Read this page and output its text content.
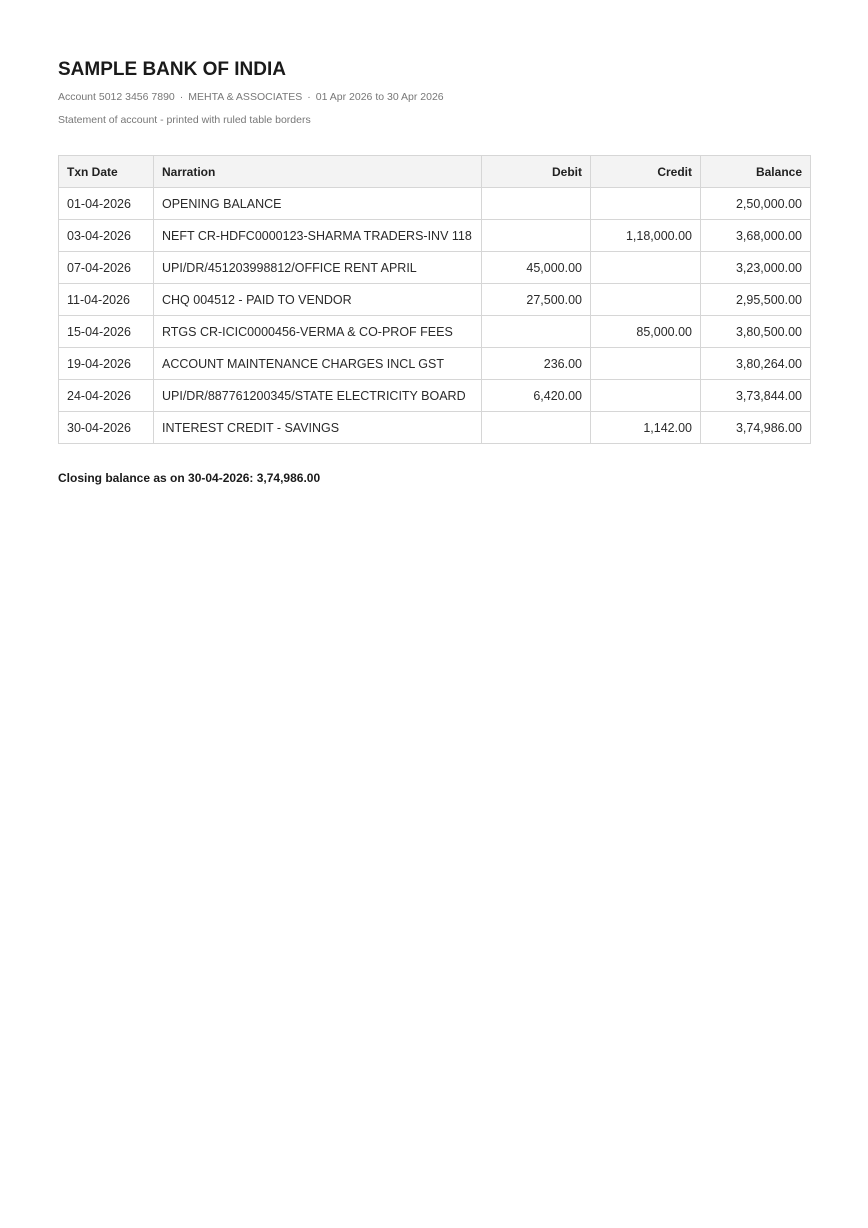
SAMPLE BANK OF INDIA
Account 5012 3456 7890 · MEHTA & ASSOCIATES · 01 Apr 2026 to 30 Apr 2026
Statement of account - printed with ruled table borders
Txn Date	Narration	Debit	Credit	Balance
01-04-2026	OPENING BALANCE			2,50,000.00
03-04-2026	NEFT CR-HDFC0000123-SHARMA TRADERS-INV 118		1,18,000.00	3,68,000.00
07-04-2026	UPI/DR/451203998812/OFFICE RENT APRIL	45,000.00		3,23,000.00
11-04-2026	CHQ 004512 - PAID TO VENDOR	27,500.00		2,95,500.00
15-04-2026	RTGS CR-ICIC0000456-VERMA & CO-PROF FEES		85,000.00	3,80,500.00
19-04-2026	ACCOUNT MAINTENANCE CHARGES INCL GST	236.00		3,80,264.00
24-04-2026	UPI/DR/887761200345/STATE ELECTRICITY BOARD	6,420.00		3,73,844.00
30-04-2026	INTEREST CREDIT - SAVINGS		1,142.00	3,74,986.00
Closing balance as on 30-04-2026: 3,74,986.00
